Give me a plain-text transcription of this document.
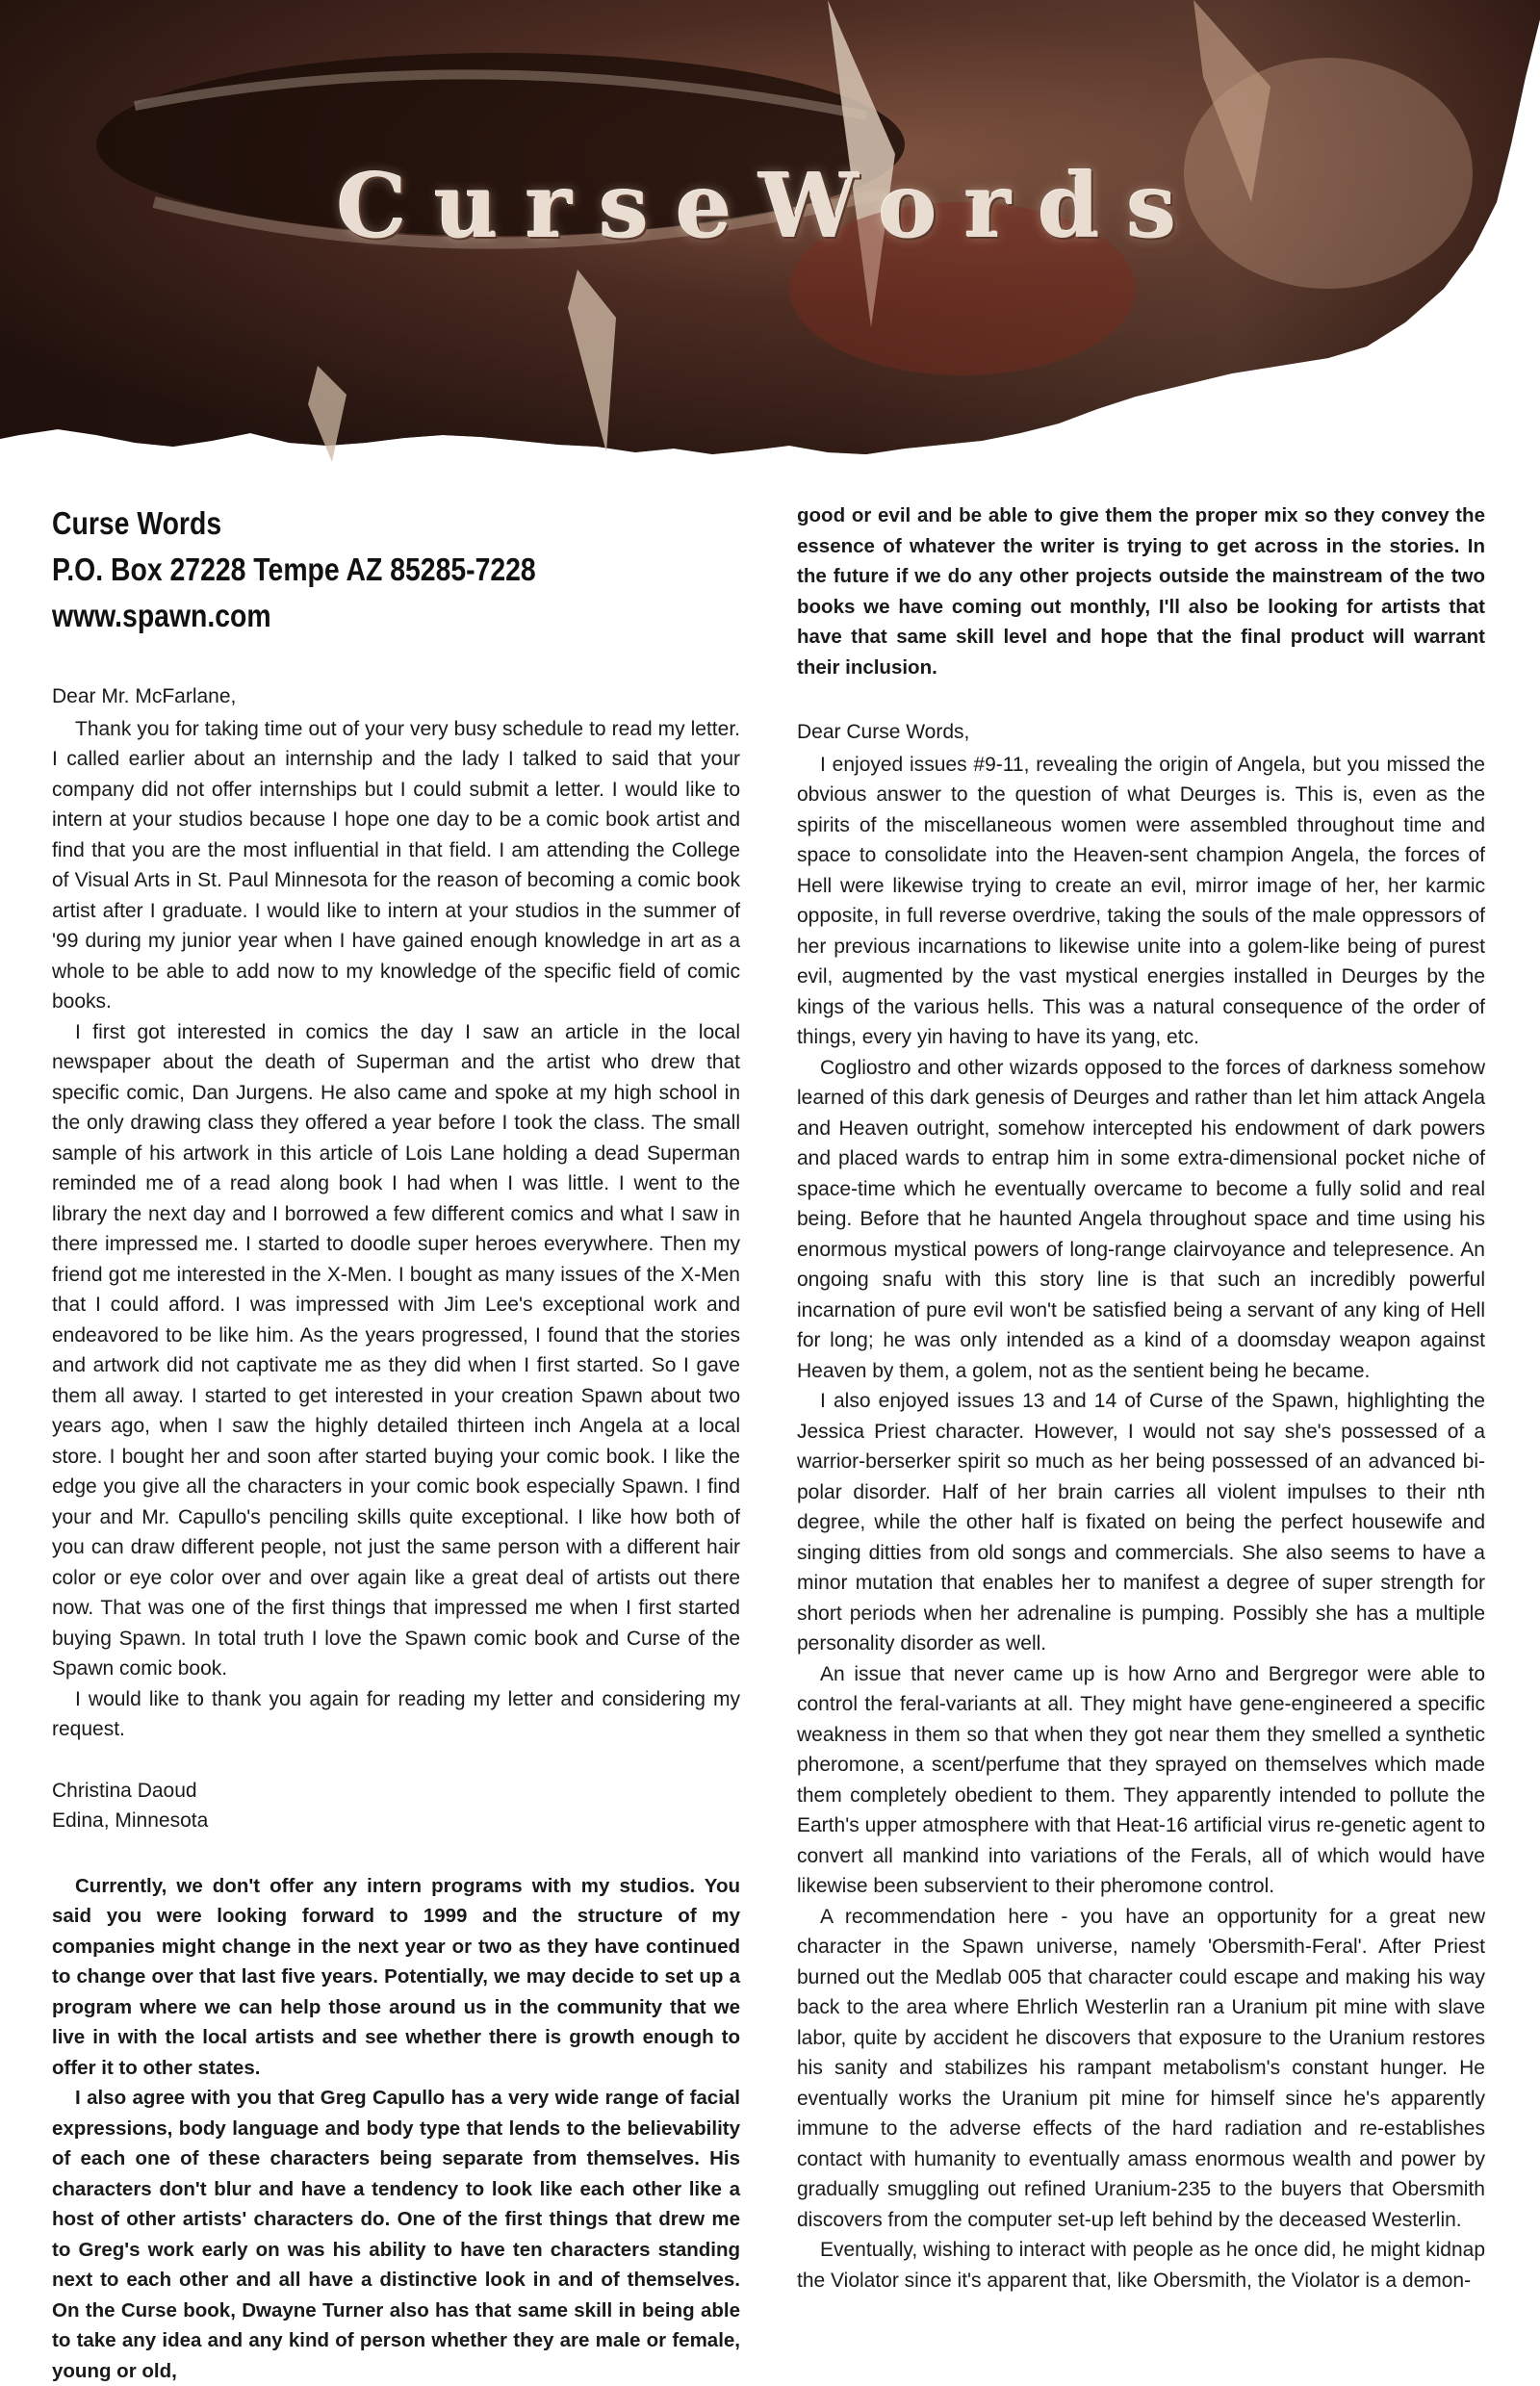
CurseWords
Curse Words
P.O. Box 27228 Tempe AZ 85285-7228
www.spawn.com

Dear Mr. McFarlane,

Thank you for taking time out of your very busy schedule to read my letter. I called earlier about an internship and the lady I talked to said that your company did not offer internships but I could submit a letter. I would like to intern at your studios because I hope one day to be a comic book artist and find that you are the most influential in that field. I am attending the College of Visual Arts in St. Paul Minnesota for the reason of becoming a comic book artist after I graduate. I would like to intern at your studios in the summer of '99 during my junior year when I have gained enough knowledge in art as a whole to be able to add now to my knowledge of the specific field of comic books.

I first got interested in comics the day I saw an article in the local newspaper about the death of Superman and the artist who drew that specific comic, Dan Jurgens. He also came and spoke at my high school in the only drawing class they offered a year before I took the class. The small sample of his artwork in this article of Lois Lane holding a dead Superman reminded me of a read along book I had when I was little. I went to the library the next day and I borrowed a few different comics and what I saw in there impressed me. I started to doodle super heroes everywhere. Then my friend got me interested in the X-Men. I bought as many issues of the X-Men that I could afford. I was impressed with Jim Lee's exceptional work and endeavored to be like him. As the years progressed, I found that the stories and artwork did not captivate me as they did when I first started. So I gave them all away. I started to get interested in your creation Spawn about two years ago, when I saw the highly detailed thirteen inch Angela at a local store. I bought her and soon after started buying your comic book. I like the edge you give all the characters in your comic book especially Spawn. I find your and Mr. Capullo's penciling skills quite exceptional. I like how both of you can draw different people, not just the same person with a different hair color or eye color over and over again like a great deal of artists out there now. That was one of the first things that impressed me when I first started buying Spawn. In total truth I love the Spawn comic book and Curse of the Spawn comic book.

I would like to thank you again for reading my letter and considering my request.

Christina Daoud

Edina, Minnesota

Currently, we don't offer any intern programs with my studios. You said you were looking forward to 1999 and the structure of my companies might change in the next year or two as they have continued to change over that last five years. Potentially, we may decide to set up a program where we can help those around us in the community that we live in with the local artists and see whether there is growth enough to offer it to other states.

I also agree with you that Greg Capullo has a very wide range of facial expressions, body language and body type that lends to the believability of each one of these characters being separate from themselves. His characters don't blur and have a tendency to look like each other like a host of other artists' characters do. One of the first things that drew me to Greg's work early on was his ability to have ten characters standing next to each other and all have a distinctive look in and of themselves. On the Curse book, Dwayne Turner also has that same skill in being able to take any idea and any kind of person whether they are male or female, young or old,

good or evil and be able to give them the proper mix so they convey the essence of whatever the writer is trying to get across in the stories. In the future if we do any other projects outside the mainstream of the two books we have coming out monthly, I'll also be looking for artists that have that same skill level and hope that the final product will warrant their inclusion.

Dear Curse Words,

I enjoyed issues #9-11, revealing the origin of Angela, but you missed the obvious answer to the question of what Deurges is. This is, even as the spirits of the miscellaneous women were assembled throughout time and space to consolidate into the Heaven-sent champion Angela, the forces of Hell were likewise trying to create an evil, mirror image of her, her karmic opposite, in full reverse overdrive, taking the souls of the male oppressors of her previous incarnations to likewise unite into a golem-like being of purest evil, augmented by the vast mystical energies installed in Deurges by the kings of the various hells. This was a natural consequence of the order of things, every yin having to have its yang, etc.

Cogliostro and other wizards opposed to the forces of darkness somehow learned of this dark genesis of Deurges and rather than let him attack Angela and Heaven outright, somehow intercepted his endowment of dark powers and placed wards to entrap him in some extra-dimensional pocket niche of space-time which he eventually overcame to become a fully solid and real being. Before that he haunted Angela throughout space and time using his enormous mystical powers of long-range clairvoyance and telepresence. An ongoing snafu with this story line is that such an incredibly powerful incarnation of pure evil won't be satisfied being a servant of any king of Hell for long; he was only intended as a kind of a doomsday weapon against Heaven by them, a golem, not as the sentient being he became.

I also enjoyed issues 13 and 14 of Curse of the Spawn, highlighting the Jessica Priest character. However, I would not say she's possessed of a warrior-berserker spirit so much as her being possessed of an advanced bi-polar disorder. Half of her brain carries all violent impulses to their nth degree, while the other half is fixated on being the perfect housewife and singing ditties from old songs and commercials. She also seems to have a minor mutation that enables her to manifest a degree of super strength for short periods when her adrenaline is pumping. Possibly she has a multiple personality disorder as well.

An issue that never came up is how Arno and Bergregor were able to control the feral-variants at all. They might have gene-engineered a specific weakness in them so that when they got near them they smelled a synthetic pheromone, a scent/perfume that they sprayed on themselves which made them completely obedient to them. They apparently intended to pollute the Earth's upper atmosphere with that Heat-16 artificial virus re-genetic agent to convert all mankind into variations of the Ferals, all of which would have likewise been subservient to their pheromone control.

A recommendation here - you have an opportunity for a great new character in the Spawn universe, namely 'Obersmith-Feral'. After Priest burned out the Medlab 005 that character could escape and making his way back to the area where Ehrlich Westerlin ran a Uranium pit mine with slave labor, quite by accident he discovers that exposure to the Uranium restores his sanity and stabilizes his rampant metabolism's constant hunger. He eventually works the Uranium pit mine for himself since he's apparently immune to the adverse effects of the hard radiation and re-establishes contact with humanity to eventually amass enormous wealth and power by gradually smuggling out refined Uranium-235 to the buyers that Obersmith discovers from the computer set-up left behind by the deceased Westerlin.

Eventually, wishing to interact with people as he once did, he might kidnap the Violator since it's apparent that, like Obersmith, the Violator is a demon-
